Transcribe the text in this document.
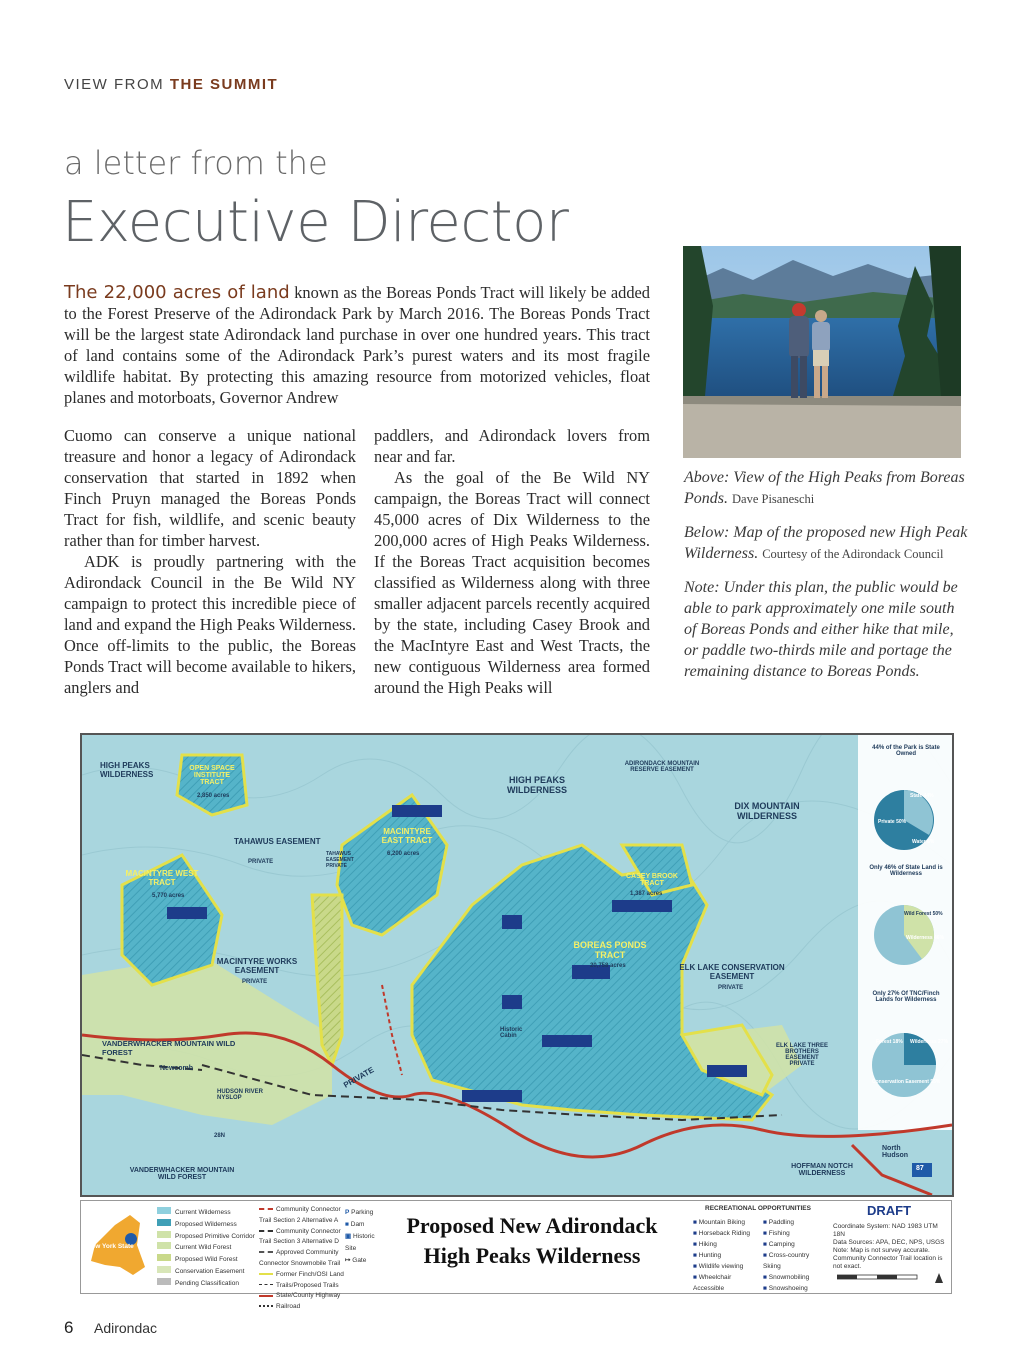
VIEW FROM THE SUMMIT
a letter from the
Executive Director
The 22,000 acres of land known as the Boreas Ponds Tract will likely be added to the Forest Preserve of the Adirondack Park by March 2016. The Boreas Ponds Tract will be the largest state Adirondack land purchase in over one hundred years. This tract of land contains some of the Adirondack Park’s purest waters and its most fragile wildlife habitat. By protecting this amazing resource from motorized vehicles, float planes and motorboats, Governor Andrew

Cuomo can conserve a unique national treasure and honor a legacy of Adirondack conservation that started in 1892 when Finch Pruyn managed the Boreas Ponds Tract for fish, wildlife, and scenic beauty rather than for timber harvest.

ADK is proudly partnering with the Adirondack Council in the Be Wild NY campaign to protect this incredible piece of land and expand the High Peaks Wilderness. Once off-limits to the public, the Boreas Ponds Tract will become available to hikers, anglers and

paddlers, and Adirondack lovers from near and far.

As the goal of the Be Wild NY campaign, the Boreas Tract will connect 45,000 acres of Dix Wilderness to the 200,000 acres of High Peaks Wilderness. If the Boreas Tract acquisition becomes classified as Wilderness along with three smaller adjacent parcels recently acquired by the state, including Casey Brook and the MacIntyre East and West Tracts, the new contiguous Wilderness area formed around the High Peaks will

Above: View of the High Peaks from Boreas Ponds. Dave Pisaneschi

Below: Map of the proposed new High Peak Wilderness. Courtesy of the Adirondack Council

Note: Under this plan, the public would be able to park approximately one mile south of Boreas Ponds and either hike that mile, or paddle two-thirds mile and portage the remaining distance to Boreas Ponds.

HIGH PEAKS WILDERNESS
OPEN SPACE INSTITUTE TRACT
2,850 acres
HIGH PEAKS WILDERNESS
ADIRONDACK MOUNTAIN RESERVE EASEMENT
DIX MOUNTAIN WILDERNESS
TAHAWUS EASEMENT
PRIVATE
TAHAWUS EASEMENT PRIVATE
MACINTYRE EAST TRACT
6,200 acres
MACINTYRE WEST TRACT
5,770 acres
CASEY BROOK TRACT
1,387 acres
BOREAS PONDS TRACT
20,758 acres
MACINTYRE WORKS EASEMENT
PRIVATE
ELK LAKE CONSERVATION EASEMENT
PRIVATE
VANDERWHACKER MOUNTAIN WILD FOREST
Newcomb
HUDSON RIVER NYSLOP
VANDERWHACKER MOUNTAIN WILD FOREST
PRIVATE
ELK LAKE THREE BROTHERS EASEMENT PRIVATE
HOFFMAN NOTCH WILDERNESS
North Hudson
Historic Cabin
28N
87
44% of the Park is State Owned
State 44%
Private 50%
Water 6%
Only 46% of State Land is Wilderness
Wild Forest 50%
Wilderness 46%
Only 27% Of TNC/Finch Lands for Wilderness
Forest 18% Wilderness 27%
Conservation Easement 55%
New York State
Current Wilderness
Proposed Wilderness
Proposed Primitive Corridor
Current Wild Forest
Proposed Wild Forest
Conservation Easement
Pending Classification
Community Connector Trail Section 2 Alternative A
Community Connector Trail Section 3 Alternative D
Approved Community Connector Snowmobile Trail
Former Finch/OSI Land
Trails/Proposed Trails
State/County Highway
Railroad
P Parking
■ Dam
▣ Historic Site
↦ Gate
Proposed New Adirondack
High Peaks Wilderness
RECREATIONAL OPPORTUNITIES
■ Mountain Biking
■ Horseback Riding
■ Hiking
■ Hunting
■ Wildlife viewing
■ Wheelchair Accessible
■ Paddling
■ Fishing
■ Camping
■ Cross-country Skiing
■ Snowmobiling
■ Snowshoeing
DRAFT
Coordinate System: NAD 1983 UTM 18N
Data Sources: APA, DEC, NPS, USGS
Note: Map is not survey accurate.
Community Connector Trail location is not exact.
6 Adirondac
